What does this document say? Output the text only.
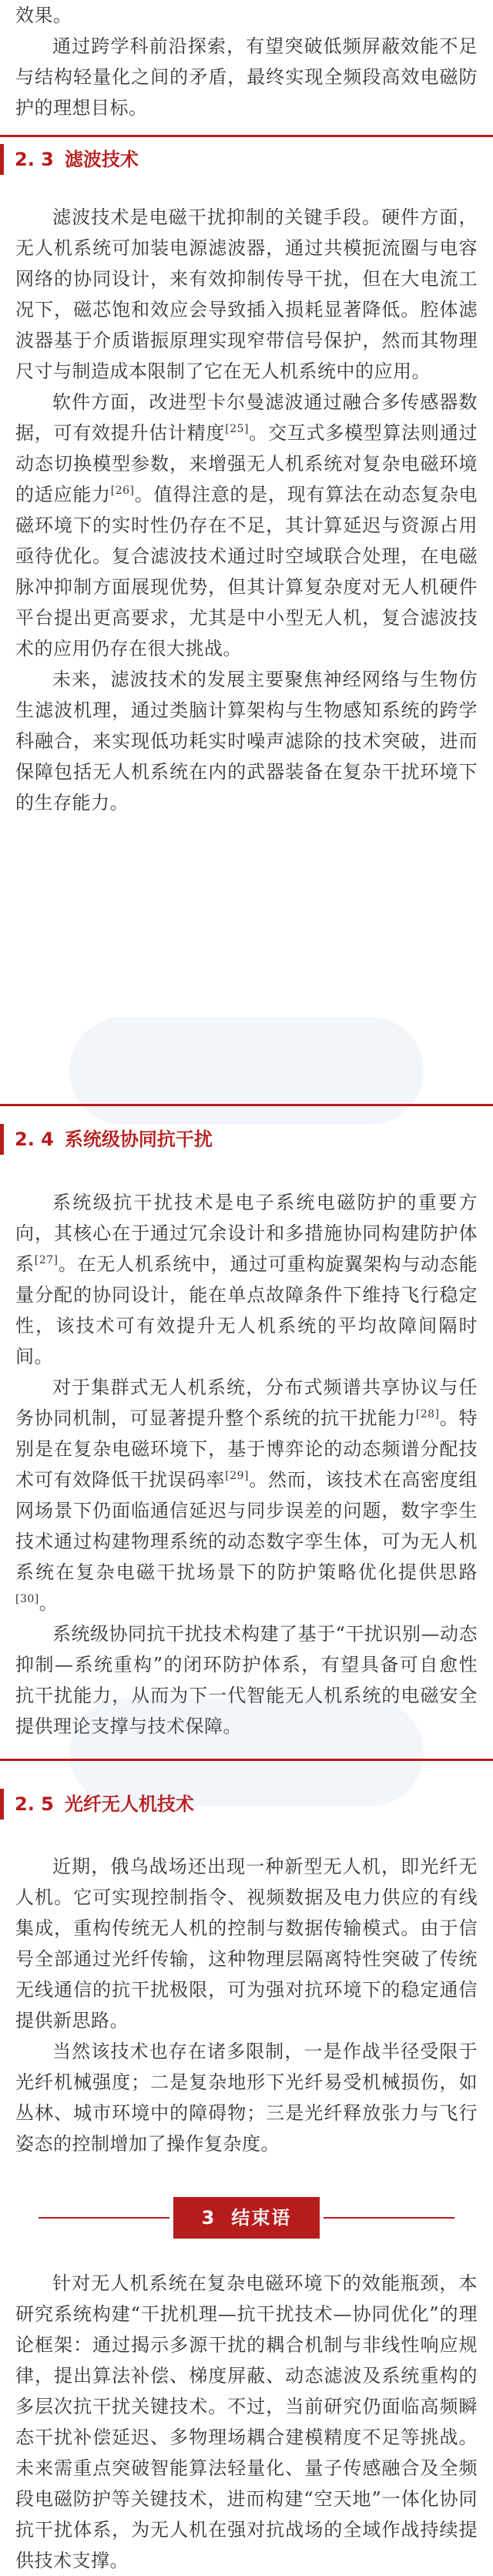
效果。

通过跨学科前沿探索，有望突破低频屏蔽效能不足与结构轻量化之间的矛盾，最终实现全频段高效电磁防护的理想目标。

2. 3 滤波技术

滤波技术是电磁干扰抑制的关键手段。硬件方面，无人机系统可加装电源滤波器，通过共模扼流圈与电容网络的协同设计，来有效抑制传导干扰，但在大电流工况下，磁芯饱和效应会导致插入损耗显著降低。腔体滤波器基于介质谐振原理实现窄带信号保护，然而其物理尺寸与制造成本限制了它在无人机系统中的应用。

软件方面，改进型卡尔曼滤波通过融合多传感器数据，可有效提升估计精度[25]。交互式多模型算法则通过动态切换模型参数，来增强无人机系统对复杂电磁环境的适应能力[26]。值得注意的是，现有算法在动态复杂电磁环境下的实时性仍存在不足，其计算延迟与资源占用亟待优化。复合滤波技术通过时空域联合处理，在电磁脉冲抑制方面展现优势，但其计算复杂度对无人机硬件平台提出更高要求，尤其是中小型无人机，复合滤波技术的应用仍存在很大挑战。

未来，滤波技术的发展主要聚焦神经网络与生物仿生滤波机理，通过类脑计算架构与生物感知系统的跨学科融合，来实现低功耗实时噪声滤除的技术突破，进而保障包括无人机系统在内的武器装备在复杂干扰环境下的生存能力。

2. 4 系统级协同抗干扰

系统级抗干扰技术是电子系统电磁防护的重要方向，其核心在于通过冗余设计和多措施协同构建防护体系[27]。在无人机系统中，通过可重构旋翼架构与动态能量分配的协同设计，能在单点故障条件下维持飞行稳定性，该技术可有效提升无人机系统的平均故障间隔时间。

对于集群式无人机系统，分布式频谱共享协议与任务协同机制，可显著提升整个系统的抗干扰能力[28]。特别是在复杂电磁环境下，基于博弈论的动态频谱分配技术可有效降低干扰误码率[29]。然而，该技术在高密度组网场景下仍面临通信延迟与同步误差的问题，数字孪生技术通过构建物理系统的动态数字孪生体，可为无人机系统在复杂电磁干扰场景下的防护策略优化提供思路[30]。

系统级协同抗干扰技术构建了基于“干扰识别—动态抑制—系统重构”的闭环防护体系，有望具备可自愈性抗干扰能力，从而为下一代智能无人机系统的电磁安全提供理论支撑与技术保障。

2. 5 光纤无人机技术

近期，俄乌战场还出现一种新型无人机，即光纤无人机。它可实现控制指令、视频数据及电力供应的有线集成，重构传统无人机的控制与数据传输模式。由于信号全部通过光纤传输，这种物理层隔离特性突破了传统无线通信的抗干扰极限，可为强对抗环境下的稳定通信提供新思路。

当然该技术也存在诸多限制，一是作战半径受限于光纤机械强度；二是复杂地形下光纤易受机械损伤，如丛林、城市环境中的障碍物；三是光纤释放张力与飞行姿态的控制增加了操作复杂度。

3 结束语

针对无人机系统在复杂电磁环境下的效能瓶颈，本研究系统构建“干扰机理—抗干扰技术—协同优化”的理论框架：通过揭示多源干扰的耦合机制与非线性响应规律，提出算法补偿、梯度屏蔽、动态滤波及系统重构的多层次抗干扰关键技术。不过，当前研究仍面临高频瞬态干扰补偿延迟、多物理场耦合建模精度不足等挑战。未来需重点突破智能算法轻量化、量子传感融合及全频段电磁防护等关键技术，进而构建“空天地”一体化协同抗干扰体系，为无人机在强对抗战场的全域作战持续提供技术支撑。
